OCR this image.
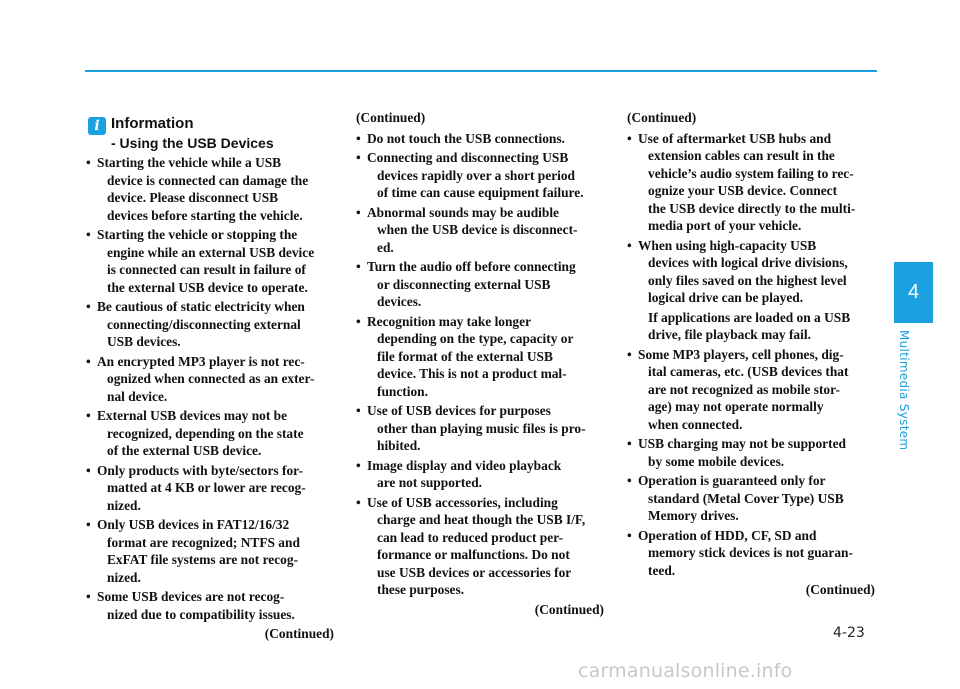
4
Multimedia System
i Information
- Using the USB Devices
• Starting the vehicle while a USB
device is connected can damage the
device. Please disconnect USB
devices before starting the vehicle.
• Starting the vehicle or stopping the
engine while an external USB device
is connected can result in failure of
the external USB device to operate.
• Be cautious of static electricity when
connecting/disconnecting external
USB devices.
• An encrypted MP3 player is not rec-
ognized when connected as an exter-
nal device.
• External USB devices may not be
recognized, depending on the state
of the external USB device.
• Only products with byte/sectors for-
matted at 4 KB or lower are recog-
nized.
• Only USB devices in FAT12/16/32
format are recognized; NTFS and
ExFAT file systems are not recog-
nized.
• Some USB devices are not recog-
nized due to compatibility issues.
(Continued)
(Continued)
• Do not touch the USB connections.
• Connecting and disconnecting USB
devices rapidly over a short period
of time can cause equipment failure.
• Abnormal sounds may be audible
when the USB device is disconnect-
ed.
• Turn the audio off before connecting
or disconnecting external USB
devices.
• Recognition may take longer
depending on the type, capacity or
file format of the external USB
device. This is not a product mal-
function.
• Use of USB devices for purposes
other than playing music files is pro-
hibited.
• Image display and video playback
are not supported.
• Use of USB accessories, including
charge and heat though the USB I/F,
can lead to reduced product per-
formance or malfunctions. Do not
use USB devices or accessories for
these purposes.
(Continued)
(Continued)
• Use of aftermarket USB hubs and
extension cables can result in the
vehicle’s audio system failing to rec-
ognize your USB device. Connect
the USB device directly to the multi-
media port of your vehicle.
• When using high-capacity USB
devices with logical drive divisions,
only files saved on the highest level
logical drive can be played.
If applications are loaded on a USB
drive, file playback may fail.
• Some MP3 players, cell phones, dig-
ital cameras, etc. (USB devices that
are not recognized as mobile stor-
age) may not operate normally
when connected.
• USB charging may not be supported
by some mobile devices.
• Operation is guaranteed only for
standard (Metal Cover Type) USB
Memory drives.
• Operation of HDD, CF, SD and
memory stick devices is not guaran-
teed.
(Continued)
4-23
carmanualsonline.info
